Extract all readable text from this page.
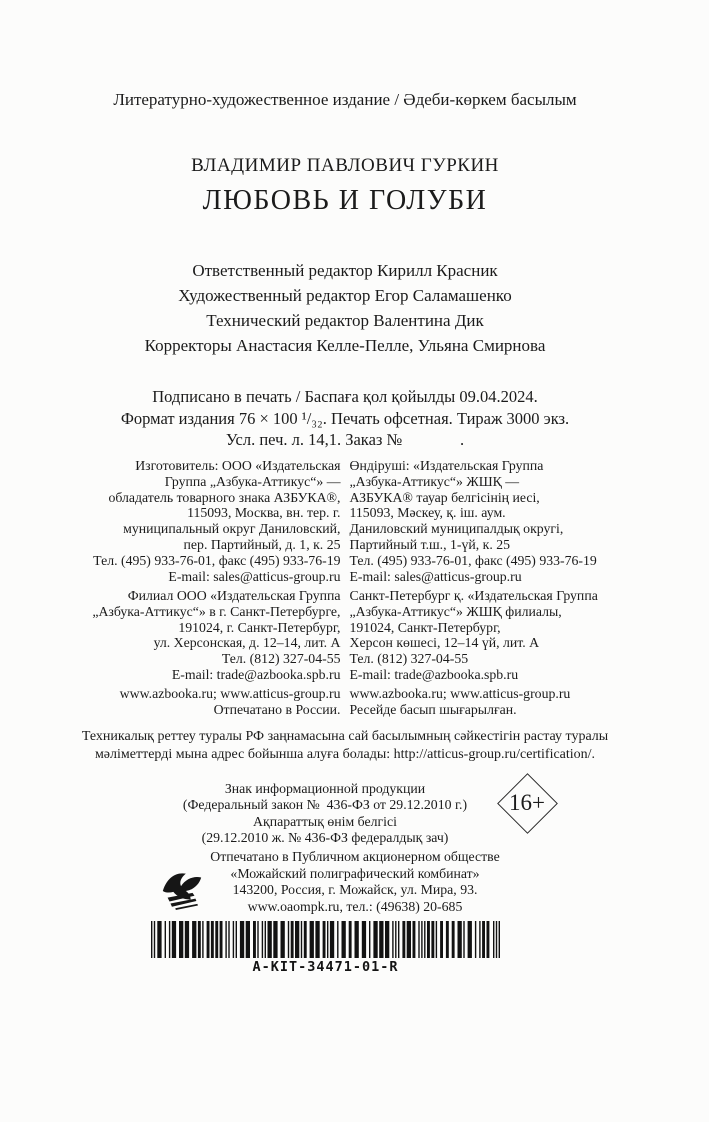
Литературно-художественное издание / Әдеби-көркем басылым
ВЛАДИМИР ПАВЛОВИЧ ГУРКИН
ЛЮБОВЬ И ГОЛУБИ
Ответственный редактор Кирилл Красник
Художественный редактор Егор Саламашенко
Технический редактор Валентина Дик
Корректоры Анастасия Келле-Пелле, Ульяна Смирнова
Подписано в печать / Баспаға қол қойылды 09.04.2024.
Формат издания 76 × 100 ¹/₃₂. Печать офсетная. Тираж 3000 экз.
Усл. печ. л. 14,1. Заказ №              .
Изготовитель: ООО «Издательская
Группа „Азбука-Аттикус“» —
обладатель товарного знака АЗБУКА®,
115093, Москва, вн. тер. г.
муниципальный округ Даниловский,
пер. Партийный, д. 1, к. 25
Тел. (495) 933-76-01, факс (495) 933-76-19
E-mail: sales@atticus-group.ru
Өндіруші: «Издательская Группа
„Азбука-Аттикус“» ЖШҚ —
АЗБУКА® тауар белгісінің иесі,
115093, Мәскеу, қ. іш. аум.
Даниловский муниципалдық округі,
Партийный т.ш., 1-үй, к. 25
Тел. (495) 933-76-01, факс (495) 933-76-19
E-mail: sales@atticus-group.ru
Филиал ООО «Издательская Группа
„Азбука-Аттикус“» в г. Санкт-Петербурге,
191024, г. Санкт-Петербург,
ул. Херсонская, д. 12–14, лит. А
Тел. (812) 327-04-55
E-mail: trade@azbooka.spb.ru
Санкт-Петербург қ. «Издательская Группа
„Азбука-Аттикус“» ЖШҚ филиалы,
191024, Санкт-Петербург,
Херсон көшесі, 12–14 үй, лит. А
Тел. (812) 327-04-55
E-mail: trade@azbooka.spb.ru
www.azbooka.ru; www.atticus-group.ru
Отпечатано в России.
www.azbooka.ru; www.atticus-group.ru
Ресейде басып шығарылған.
Техникалық реттеу туралы РФ заңнамасына сай басылымның сәйкестігін растау туралы
мәліметтерді мына адрес бойынша алуға болады: http://atticus-group.ru/certification/.
Знак информационной продукции
(Федеральный закон №  436-ФЗ от 29.12.2010 г.)
Ақпараттық өнім белгісі
(29.12.2010 ж. № 436-ФЗ федералдық зач)
16+
Отпечатано в Публичном акционерном обществе
«Можайский полиграфический комбинат»
143200, Россия, г. Можайск, ул. Мира, 93.
www.oaompk.ru, тел.: (49638) 20-685
A-KIT-34471-01-R
